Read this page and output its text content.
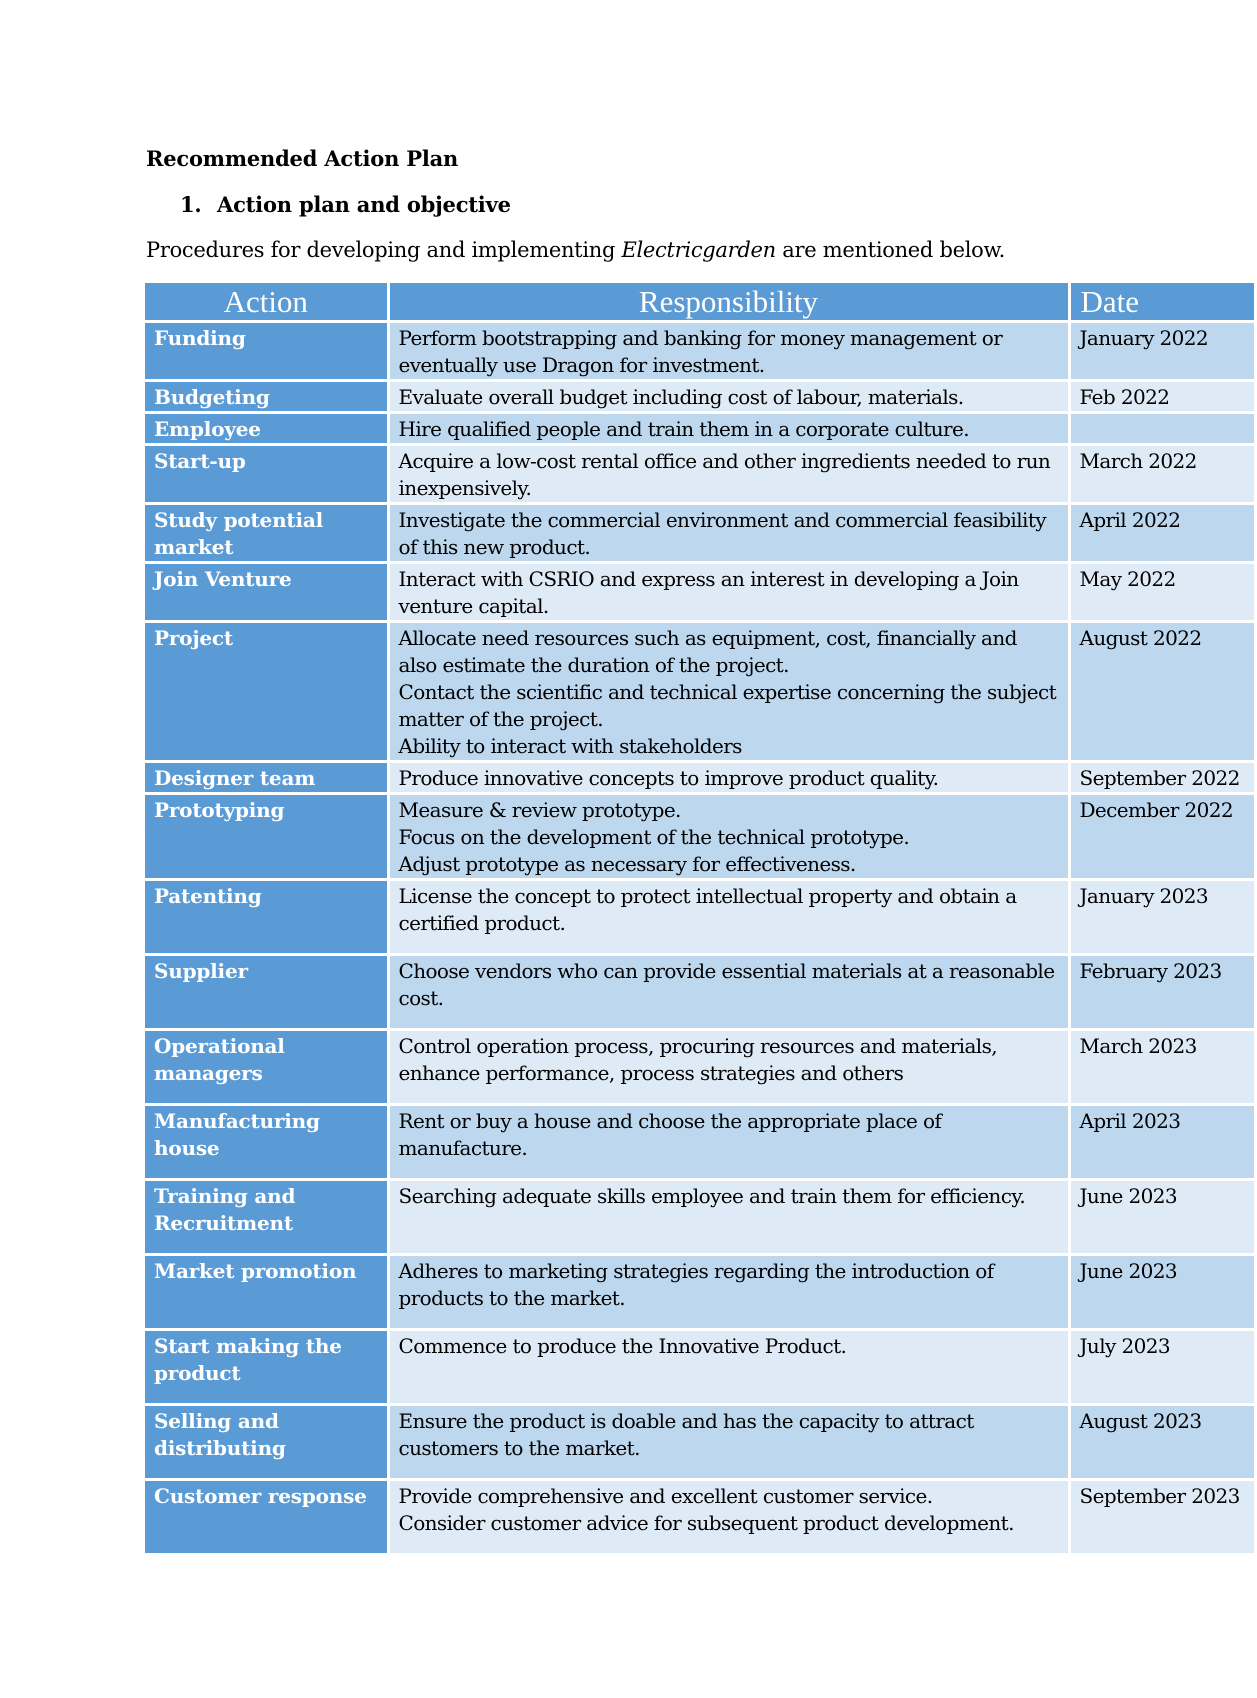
Recommended Action Plan
1. Action plan and objective
Procedures for developing and implementing Electricgarden are mentioned below.
Action	Responsibility	Date
Funding	Perform bootstrapping and banking for money management or eventually use Dragon for investment.	January 2022
Budgeting	Evaluate overall budget including cost of labour, materials.	Feb 2022
Employee	Hire qualified people and train them in a corporate culture.	

Start-up	Acquire a low-cost rental office and other ingredients needed to run inexpensively.	March 2022
Study potential market	Investigate the commercial environment and commercial feasibility of this new product.	April 2022
Join Venture	Interact with CSRIO and express an interest in developing a Join venture capital.	May 2022
Project	Allocate need resources such as equipment, cost, financially and also estimate the duration of the project.
Contact the scientific and technical expertise concerning the subject matter of the project.
Ability to interact with stakeholders	August 2022
Designer team	Produce innovative concepts to improve product quality.	September 2022
Prototyping	Measure & review prototype.
Focus on the development of the technical prototype.
Adjust prototype as necessary for effectiveness.	December 2022
Patenting	License the concept to protect intellectual property and obtain a certified product.	January 2023
Supplier	Choose vendors who can provide essential materials at a reasonable cost.	February 2023
Operational managers	Control operation process, procuring resources and materials, enhance performance, process strategies and others	March 2023
Manufacturing house	Rent or buy a house and choose the appropriate place of manufacture.	April 2023
Training and Recruitment	Searching adequate skills employee and train them for efficiency.	June 2023
Market promotion	Adheres to marketing strategies regarding the introduction of products to the market.	June 2023
Start making the product	Commence to produce the Innovative Product.	July 2023
Selling and distributing	Ensure the product is doable and has the capacity to attract customers to the market.	August 2023
Customer response	Provide comprehensive and excellent customer service.
Consider customer advice for subsequent product development.	September 2023
